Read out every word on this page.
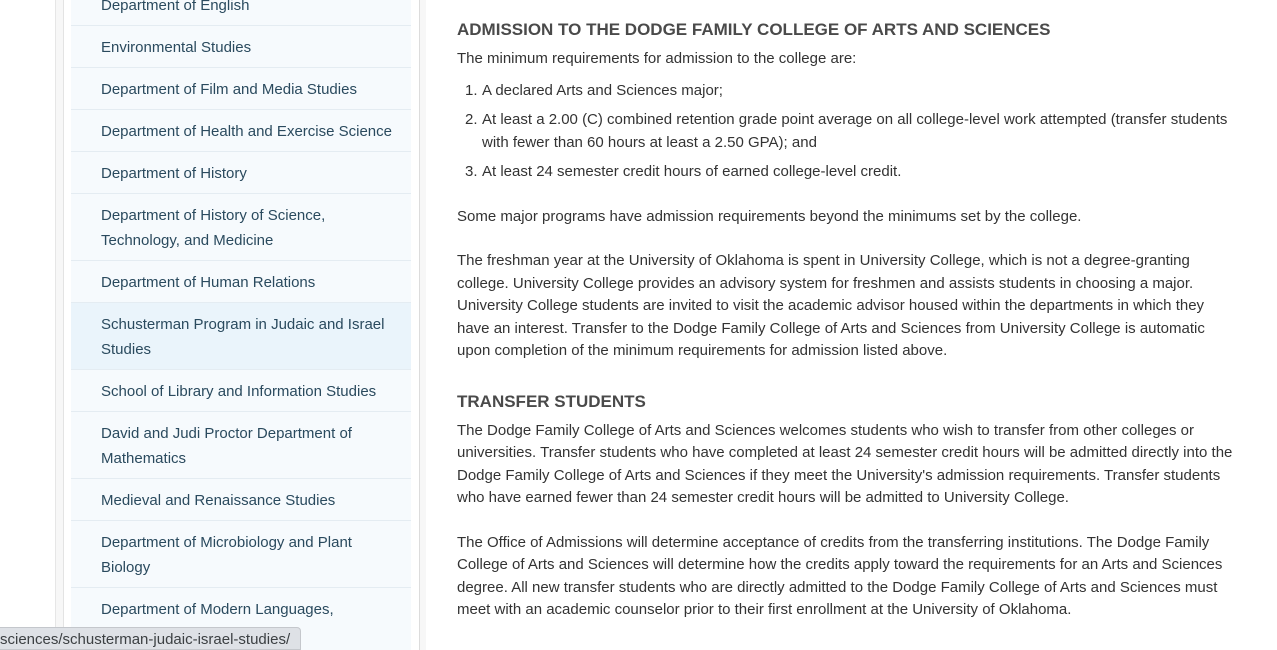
Department of English
Environmental Studies
Department of Film and Media Studies
Department of Health and Exercise Science
Department of History
Department of History of Science, Technology, and Medicine
Department of Human Relations
Schusterman Program in Judaic and Israel Studies
School of Library and Information Studies
David and Judi Proctor Department of Mathematics
Medieval and Renaissance Studies
Department of Microbiology and Plant Biology
Department of Modern Languages,
ADMISSION TO THE DODGE FAMILY COLLEGE OF ARTS AND SCIENCES

The minimum requirements for admission to the college are:

1. A declared Arts and Sciences major;
2. At least a 2.00 (C) combined retention grade point average on all college-level work attempted (transfer students with fewer than 60 hours at least a 2.50 GPA); and
3. At least 24 semester credit hours of earned college-level credit.

Some major programs have admission requirements beyond the minimums set by the college.

The freshman year at the University of Oklahoma is spent in University College, which is not a degree-granting college. University College provides an advisory system for freshmen and assists students in choosing a major. University College students are invited to visit the academic advisor housed within the departments in which they have an interest. Transfer to the Dodge Family College of Arts and Sciences from University College is automatic upon completion of the minimum requirements for admission listed above.

TRANSFER STUDENTS

The Dodge Family College of Arts and Sciences welcomes students who wish to transfer from other colleges or universities. Transfer students who have completed at least 24 semester credit hours will be admitted directly into the Dodge Family College of Arts and Sciences if they meet the University's admission requirements. Transfer students who have earned fewer than 24 semester credit hours will be admitted to University College.

The Office of Admissions will determine acceptance of credits from the transferring institutions. The Dodge Family College of Arts and Sciences will determine how the credits apply toward the requirements for an Arts and Sciences degree. All new transfer students who are directly admitted to the Dodge Family College of Arts and Sciences must meet with an academic counselor prior to their first enrollment at the University of Oklahoma.

sciences/schusterman-judaic-israel-studies/
